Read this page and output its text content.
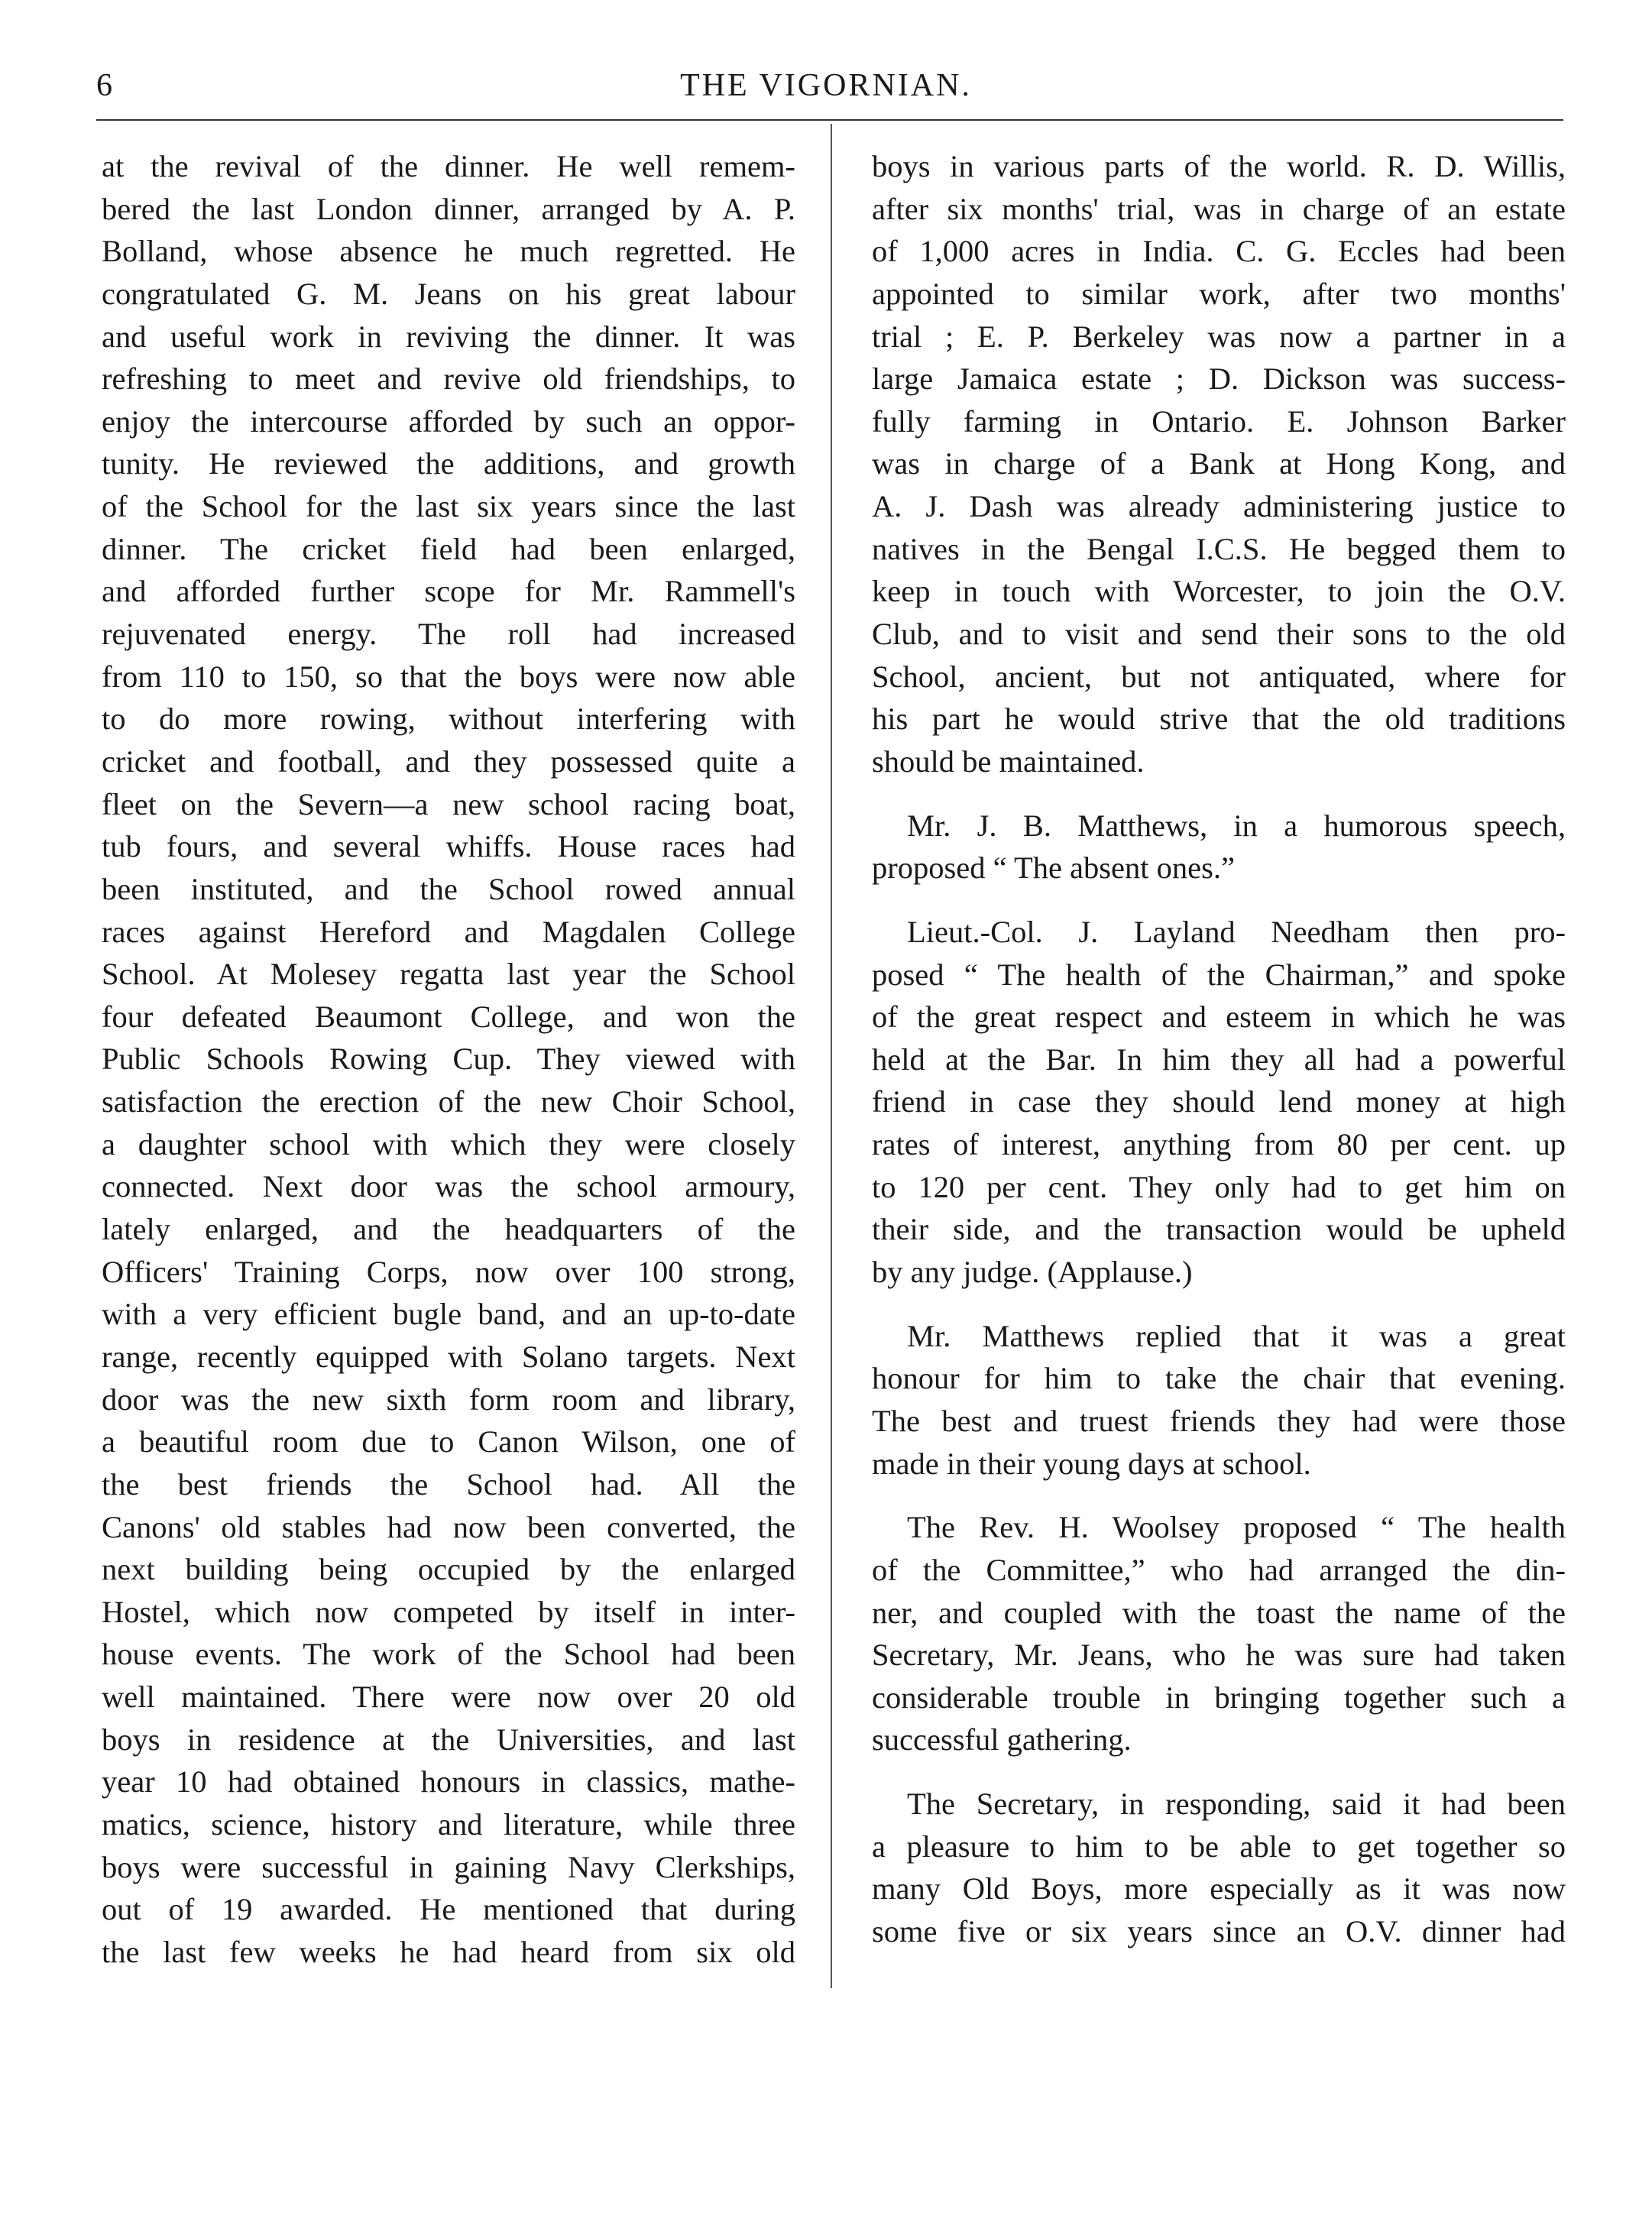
6	THE VIGORNIAN.
at the revival of the dinner. He well remem-
bered the last London dinner, arranged by A. P.
Bolland, whose absence he much regretted. He
congratulated G. M. Jeans on his great labour
and useful work in reviving the dinner. It was
refreshing to meet and revive old friendships, to
enjoy the intercourse afforded by such an oppor-
tunity. He reviewed the additions, and growth
of the School for the last six years since the last
dinner. The cricket field had been enlarged,
and afforded further scope for Mr. Rammell's
rejuvenated energy. The roll had increased
from 110 to 150, so that the boys were now able
to do more rowing, without interfering with
cricket and football, and they possessed quite a
fleet on the Severn—a new school racing boat,
tub fours, and several whiffs. House races had
been instituted, and the School rowed annual
races against Hereford and Magdalen College
School. At Molesey regatta last year the School
four defeated Beaumont College, and won the
Public Schools Rowing Cup. They viewed with
satisfaction the erection of the new Choir School,
a daughter school with which they were closely
connected. Next door was the school armoury,
lately enlarged, and the headquarters of the
Officers' Training Corps, now over 100 strong,
with a very efficient bugle band, and an up-to-date
range, recently equipped with Solano targets. Next
door was the new sixth form room and library,
a beautiful room due to Canon Wilson, one of
the best friends the School had. All the
Canons' old stables had now been converted, the
next building being occupied by the enlarged
Hostel, which now competed by itself in inter-
house events. The work of the School had been
well maintained. There were now over 20 old
boys in residence at the Universities, and last
year 10 had obtained honours in classics, mathe-
matics, science, history and literature, while three
boys were successful in gaining Navy Clerkships,
out of 19 awarded. He mentioned that during
the last few weeks he had heard from six old
boys in various parts of the world. R. D. Willis,
after six months' trial, was in charge of an estate
of 1,000 acres in India. C. G. Eccles had been
appointed to similar work, after two months'
trial ; E. P. Berkeley was now a partner in a
large Jamaica estate ; D. Dickson was success-
fully farming in Ontario. E. Johnson Barker
was in charge of a Bank at Hong Kong, and
A. J. Dash was already administering justice to
natives in the Bengal I.C.S. He begged them to
keep in touch with Worcester, to join the O.V.
Club, and to visit and send their sons to the old
School, ancient, but not antiquated, where for
his part he would strive that the old traditions
should be maintained.
Mr. J. B. Matthews, in a humorous speech,
proposed “ The absent ones.”
Lieut.-Col. J. Layland Needham then pro-
posed “ The health of the Chairman,” and spoke
of the great respect and esteem in which he was
held at the Bar. In him they all had a powerful
friend in case they should lend money at high
rates of interest, anything from 80 per cent. up
to 120 per cent. They only had to get him on
their side, and the transaction would be upheld
by any judge. (Applause.)
Mr. Matthews replied that it was a great
honour for him to take the chair that evening.
The best and truest friends they had were those
made in their young days at school.
The Rev. H. Woolsey proposed “ The health
of the Committee,” who had arranged the din-
ner, and coupled with the toast the name of the
Secretary, Mr. Jeans, who he was sure had taken
considerable trouble in bringing together such a
successful gathering.
The Secretary, in responding, said it had been
a pleasure to him to be able to get together so
many Old Boys, more especially as it was now
some five or six years since an O.V. dinner had
